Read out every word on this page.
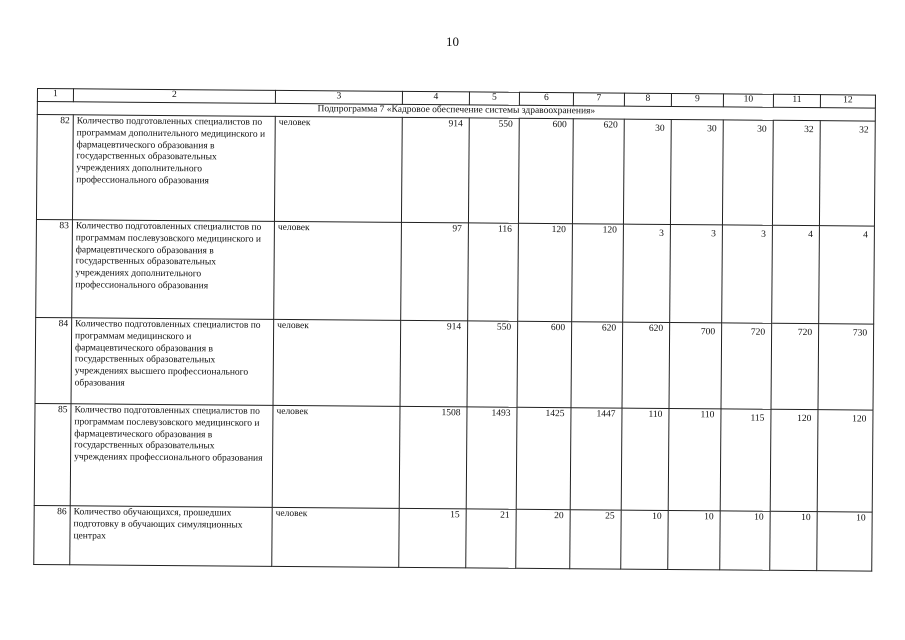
10
1	2	3	4	5	6	7	8	9	10	11	12
Подпрограмма 7 «Кадровое обеспечение системы здравоохранения»											
82	Количество подготовленных специалистов по программам дополнительного медицинского и фармацевтического образования в государственных образовательных учреждениях дополнительного профессионального образования	человек	914	550	600	620	30	30	30	32	32
83	Количество подготовленных специалистов по программам послевузовского медицинского и фармацевтического образования в государственных образовательных учреждениях дополнительного профессионального образования	человек	97	116	120	120	3	3	3	4	4
84	Количество подготовленных специалистов по программам медицинского и фармацевтического образования в государственных образовательных учреждениях высшего профессионального образования	человек	914	550	600	620	620	700	720	720	730
85	Количество подготовленных специалистов по программам послевузовского медицинского и фармацевтического образования в государственных образовательных учреждениях профессионального образования	человек	1508	1493	1425	1447	110	110	115	120	120
86	Количество обучающихся, прошедших подготовку в обучающих симуляционных центрах	человек	15	21	20	25	10	10	10	10	10
